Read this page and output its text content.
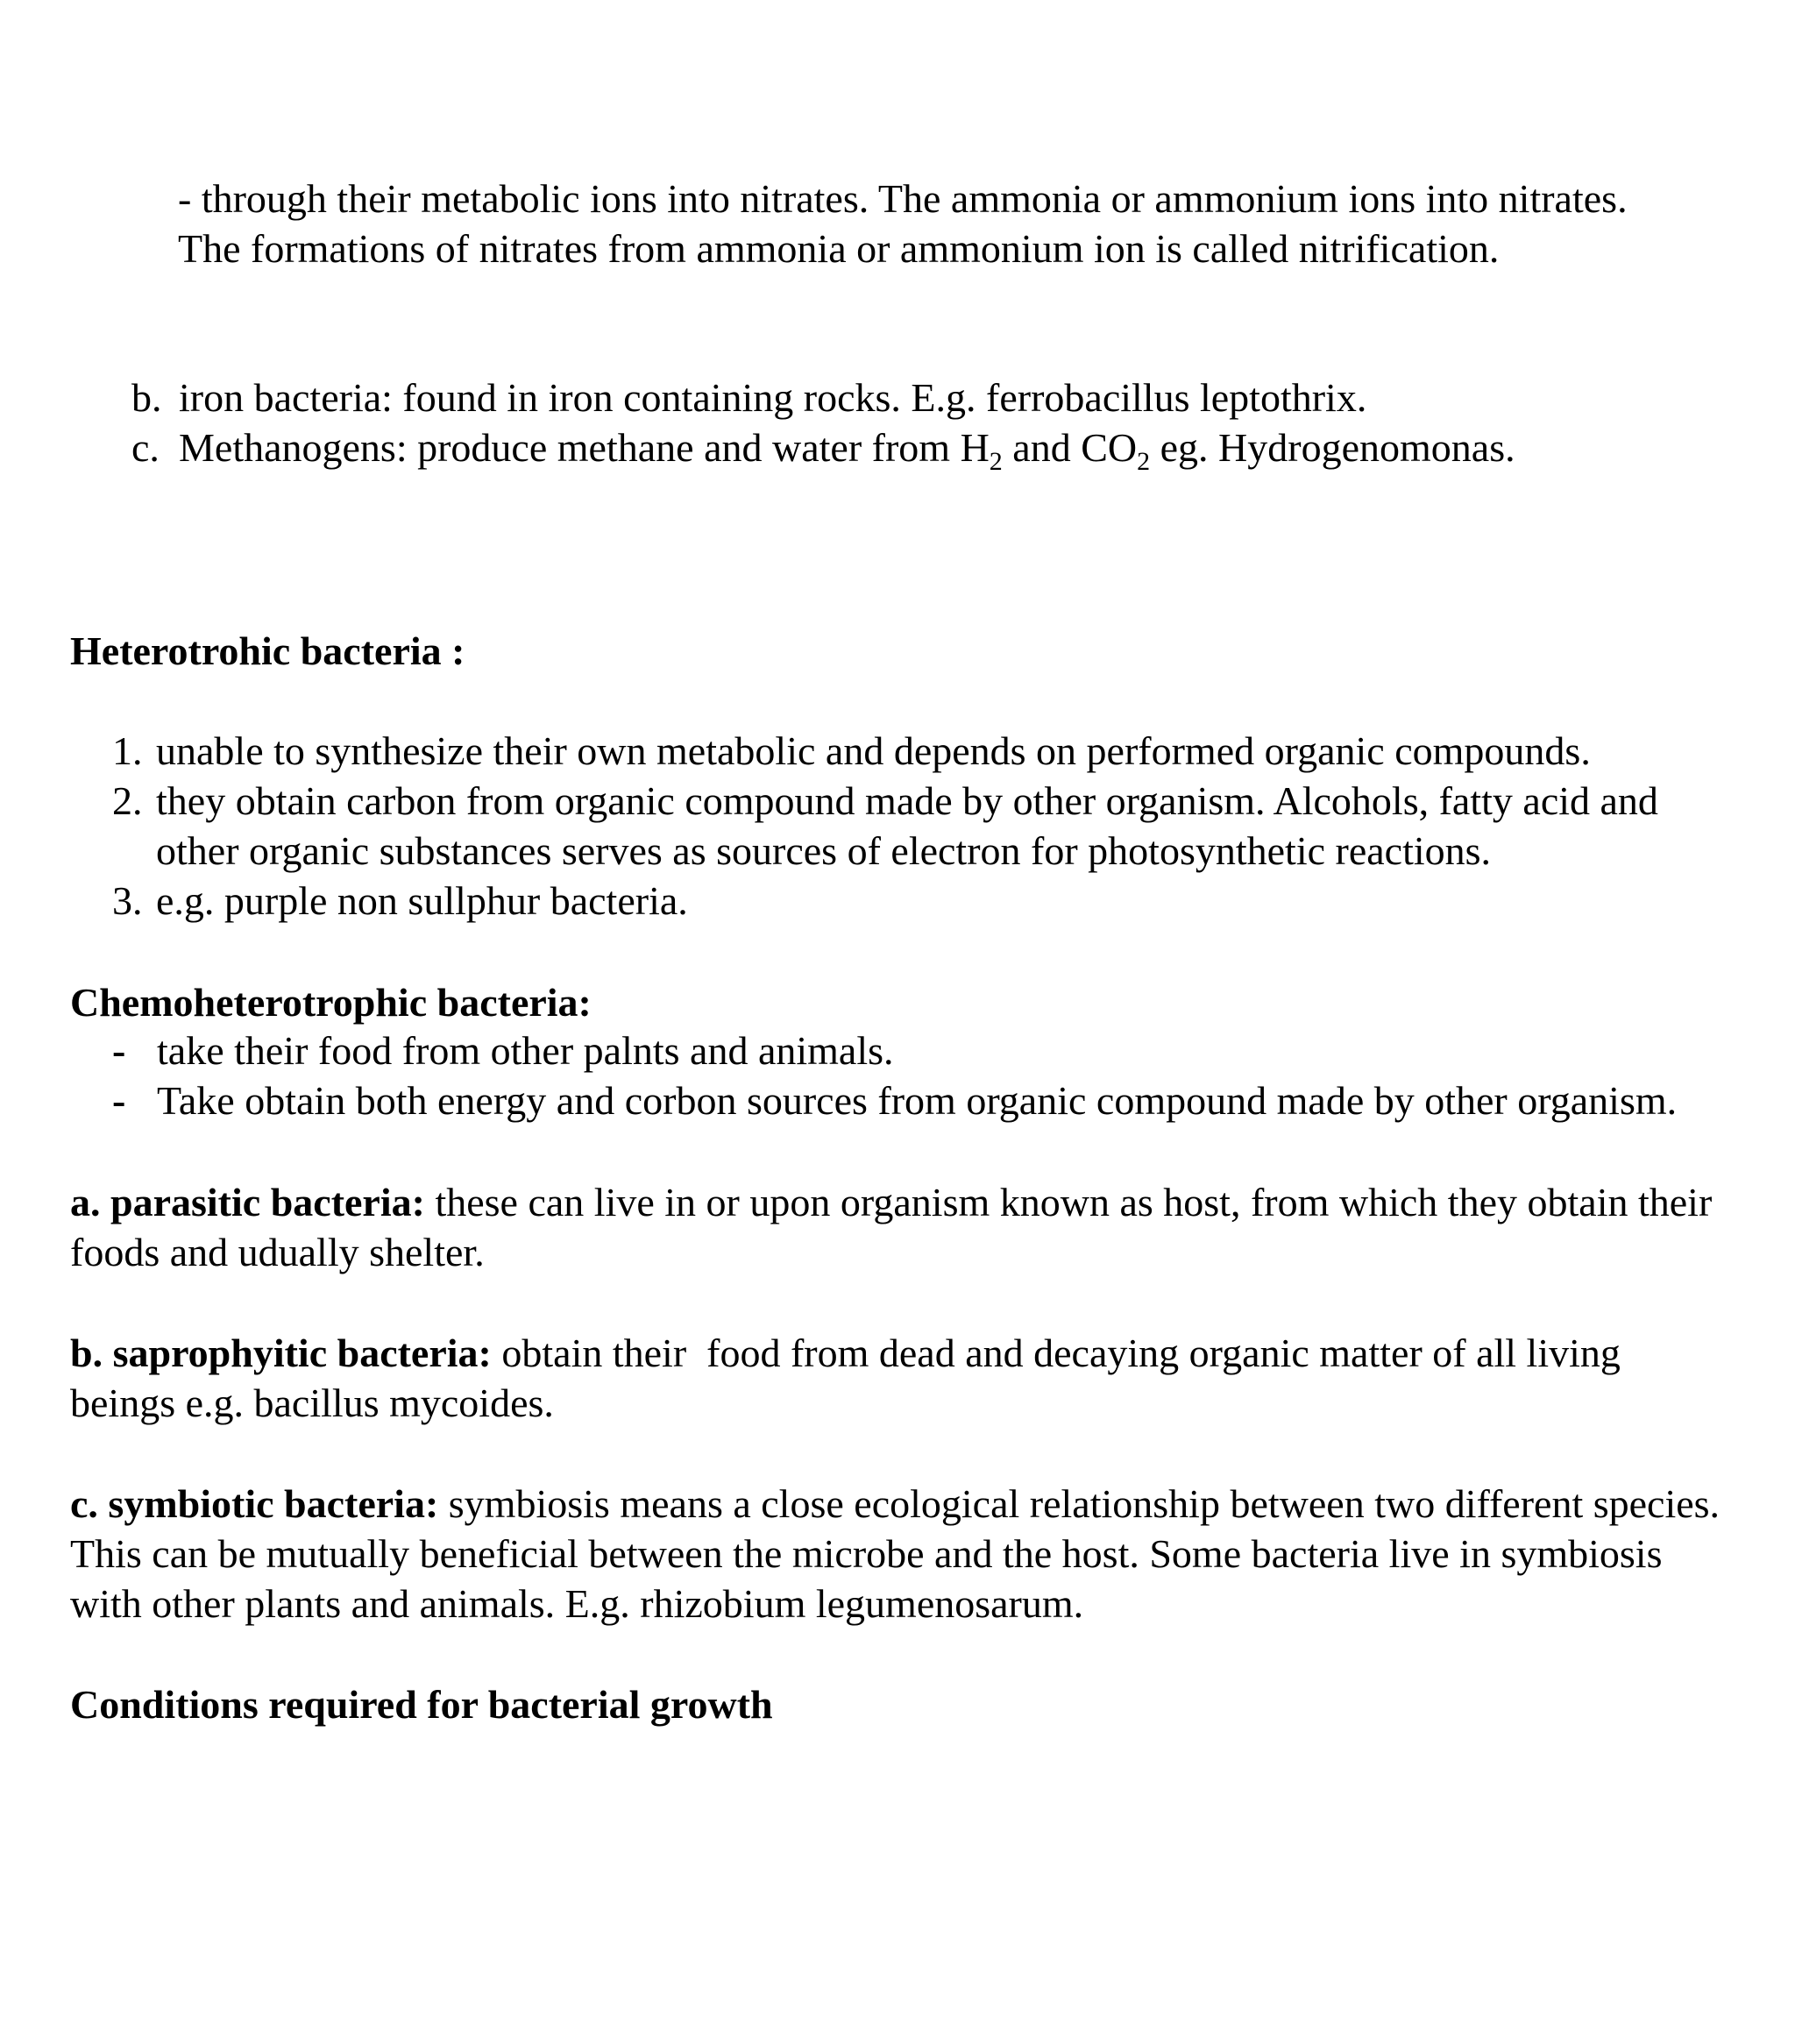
- through their metabolic ions into nitrates. The ammonia or ammonium ions into nitrates. The formations of nitrates from ammonia or ammonium ion is called nitrification.
b. iron bacteria: found in iron containing rocks. E.g. ferrobacillus leptothrix.
c. Methanogens: produce methane and water from $H_2$ and $CO_2$ eg. Hydrogenomonas.
Heterotrohic bacteria :
1. unable to synthesize their own metabolic and depends on performed organic compounds.
2. they obtain carbon from organic compound made by other organism. Alcohols, fatty acid and other organic substances serves as sources of electron for photosynthetic reactions.
3. e.g. purple non sullphur bacteria.
Chemoheterotrophic bacteria:
- take their food from other palnts and animals.
- Take obtain both energy and corbon sources from organic compound made by other organism.
a. parasitic bacteria: these can live in or upon organism known as host, from which they obtain their foods and udually shelter.
b. saprophyitic bacteria: obtain their  food from dead and decaying organic matter of all living beings e.g. bacillus mycoides.
c. symbiotic bacteria: symbiosis means a close ecological relationship between two different species. This can be mutually beneficial between the microbe and the host. Some bacteria live in symbiosis with other plants and animals. E.g. rhizobium legumenosarum.
Conditions required for bacterial growth
